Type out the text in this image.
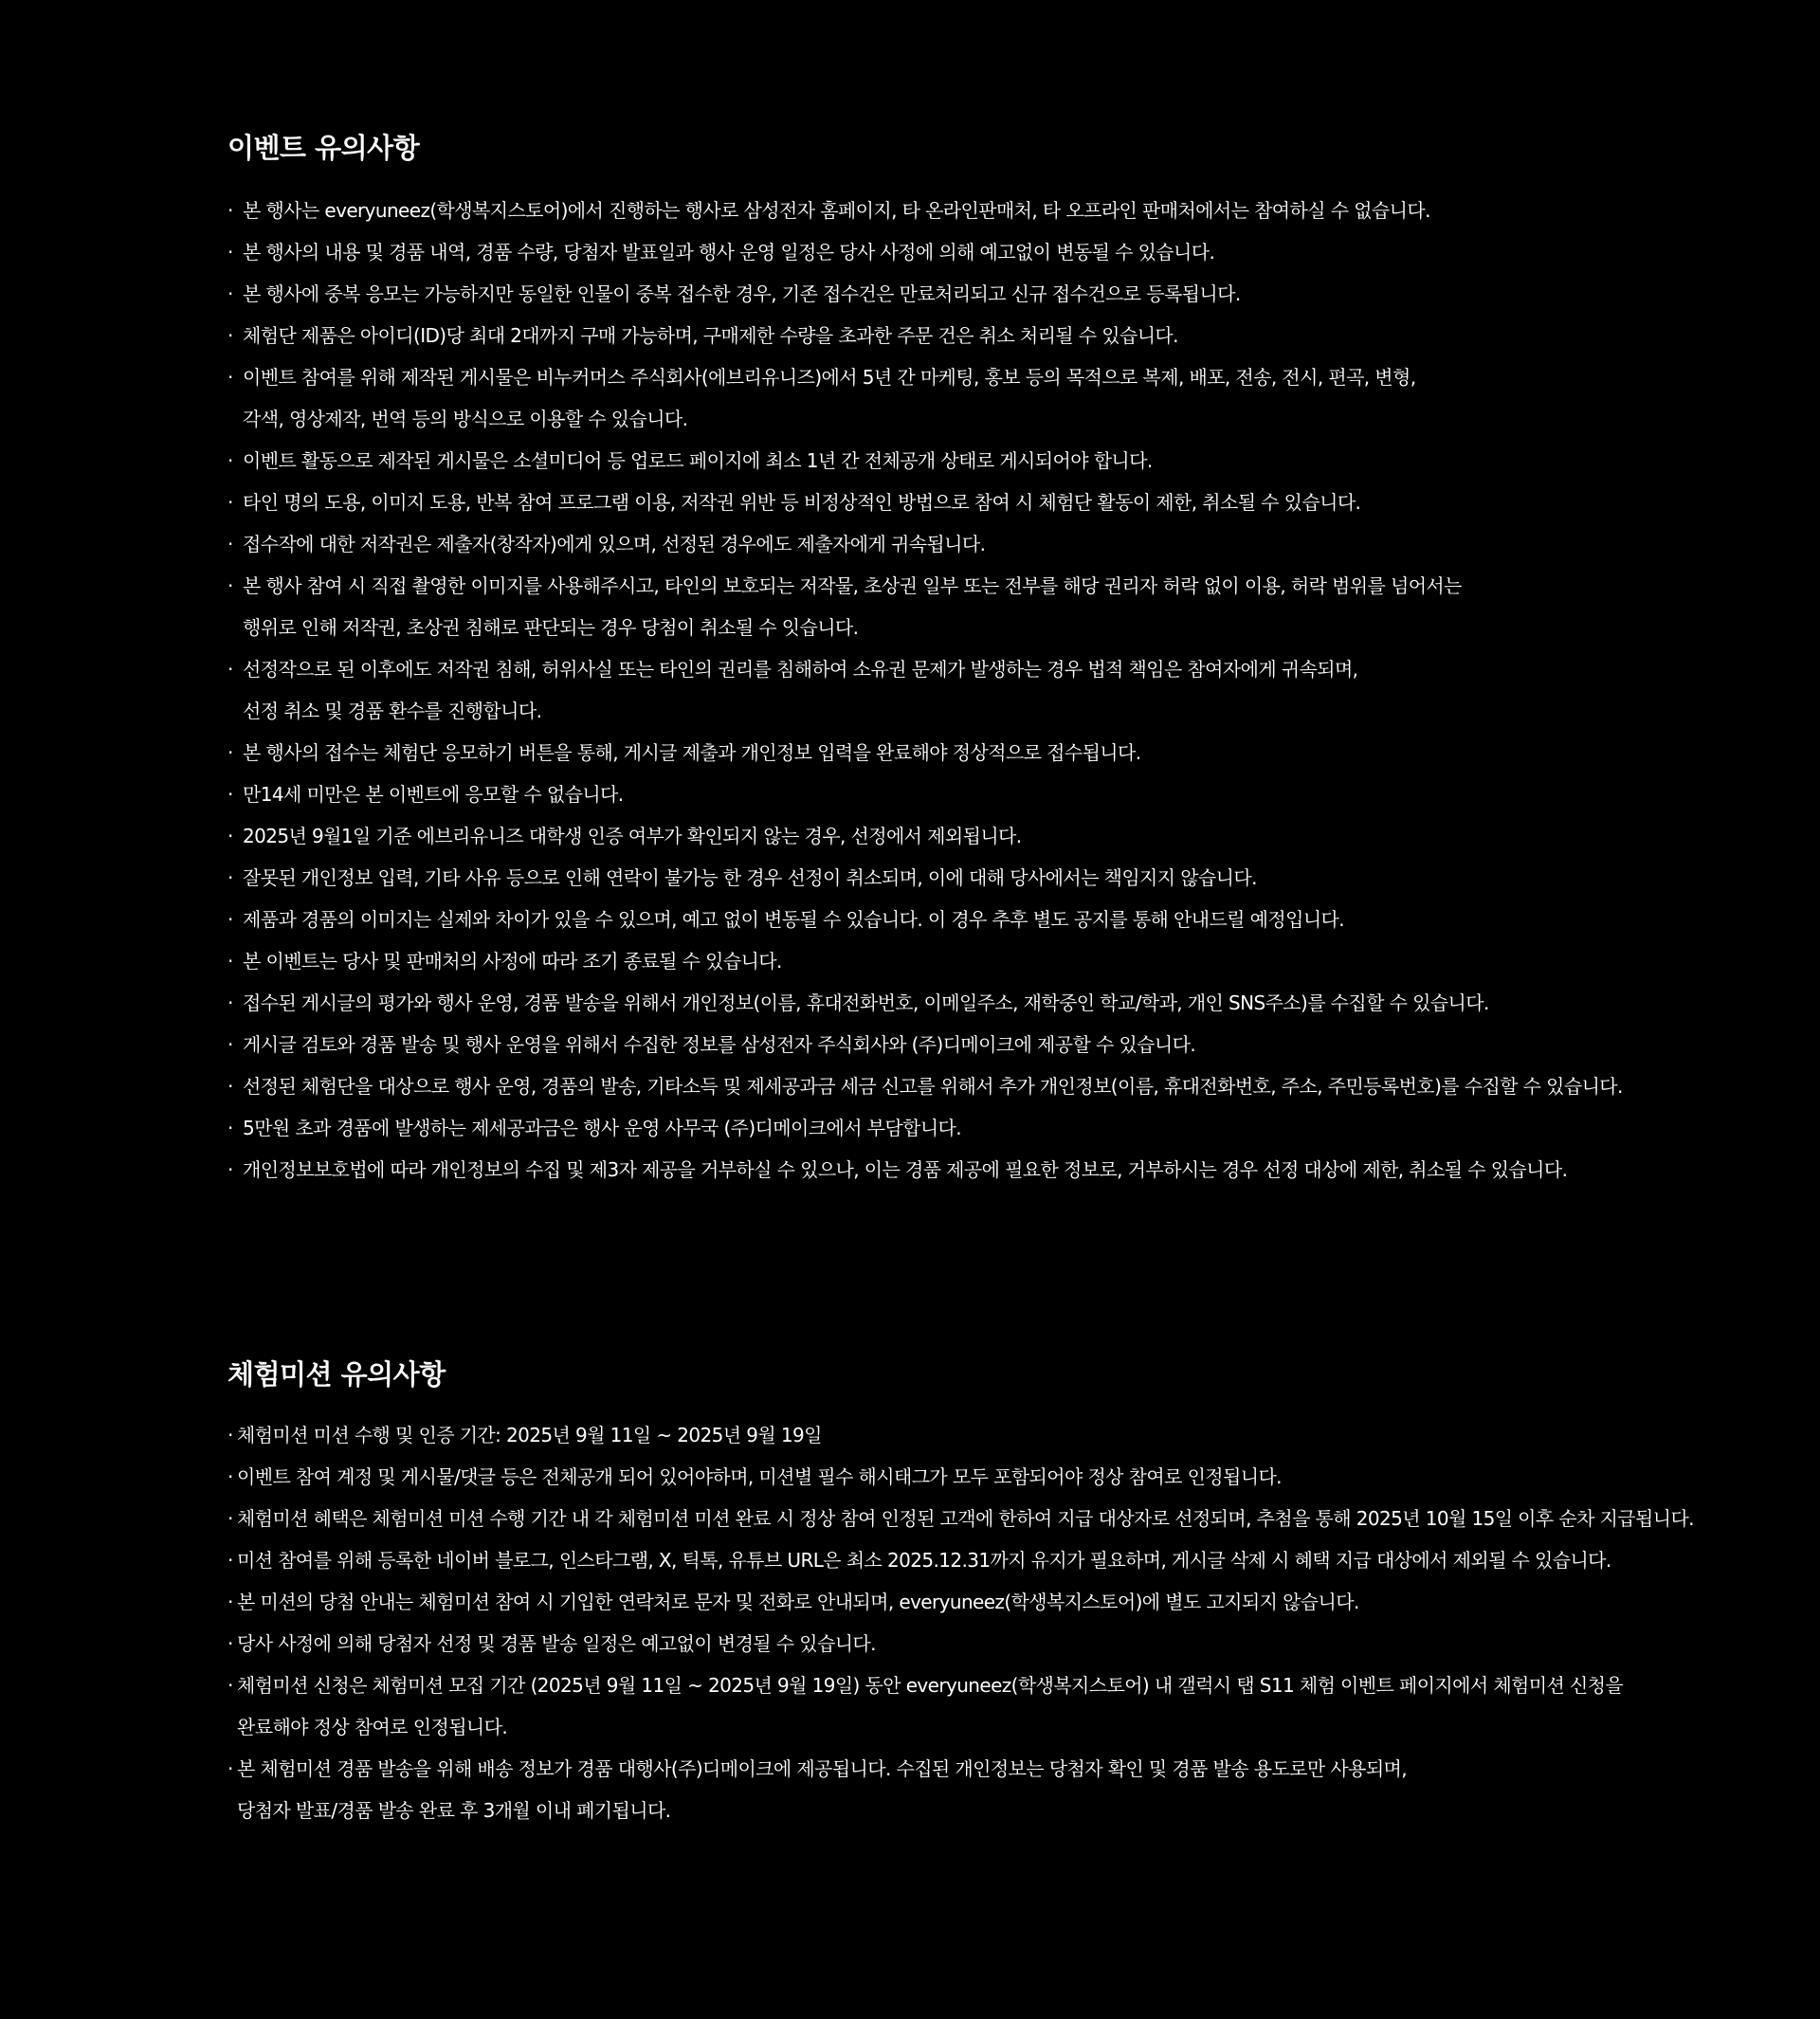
이벤트 유의사항
· 본 행사는 everyuneez(학생복지스토어)에서 진행하는 행사로 삼성전자 홈페이지, 타 온라인판매처, 타 오프라인 판매처에서는 참여하실 수 없습니다.
· 본 행사의 내용 및 경품 내역, 경품 수량, 당첨자 발표일과 행사 운영 일정은 당사 사정에 의해 예고없이 변동될 수 있습니다.
· 본 행사에 중복 응모는 가능하지만 동일한 인물이 중복 접수한 경우, 기존 접수건은 만료처리되고 신규 접수건으로 등록됩니다.
· 체험단 제품은 아이디(ID)당 최대 2대까지 구매 가능하며, 구매제한 수량을 초과한 주문 건은 취소 처리될 수 있습니다.
· 이벤트 참여를 위해 제작된 게시물은 비누커머스 주식회사(에브리유니즈)에서 5년 간 마케팅, 홍보 등의 목적으로 복제, 배포, 전송, 전시, 편곡, 변형,
각색, 영상제작, 번역 등의 방식으로 이용할 수 있습니다.
· 이벤트 활동으로 제작된 게시물은 소셜미디어 등 업로드 페이지에 최소 1년 간 전체공개 상태로 게시되어야 합니다.
· 타인 명의 도용, 이미지 도용, 반복 참여 프로그램 이용, 저작권 위반 등 비정상적인 방법으로 참여 시 체험단 활동이 제한, 취소될 수 있습니다.
· 접수작에 대한 저작권은 제출자(창작자)에게 있으며, 선정된 경우에도 제출자에게 귀속됩니다.
· 본 행사 참여 시 직접 촬영한 이미지를 사용해주시고, 타인의 보호되는 저작물, 초상권 일부 또는 전부를 해당 권리자 허락 없이 이용, 허락 범위를 넘어서는
행위로 인해 저작권, 초상권 침해로 판단되는 경우 당첨이 취소될 수 잇습니다.
· 선정작으로 된 이후에도 저작권 침해, 허위사실 또는 타인의 권리를 침해하여 소유권 문제가 발생하는 경우 법적 책임은 참여자에게 귀속되며,
선정 취소 및 경품 환수를 진행합니다.
· 본 행사의 접수는 체험단 응모하기 버튼을 통해, 게시글 제출과 개인정보 입력을 완료해야 정상적으로 접수됩니다.
· 만14세 미만은 본 이벤트에 응모할 수 없습니다.
· 2025년 9월1일 기준 에브리유니즈 대학생 인증 여부가 확인되지 않는 경우, 선정에서 제외됩니다.
· 잘못된 개인정보 입력, 기타 사유 등으로 인해 연락이 불가능 한 경우 선정이 취소되며, 이에 대해 당사에서는 책임지지 않습니다.
· 제품과 경품의 이미지는 실제와 차이가 있을 수 있으며, 예고 없이 변동될 수 있습니다. 이 경우 추후 별도 공지를 통해 안내드릴 예정입니다.
· 본 이벤트는 당사 및 판매처의 사정에 따라 조기 종료될 수 있습니다.
· 접수된 게시글의 평가와 행사 운영, 경품 발송을 위해서 개인정보(이름, 휴대전화번호, 이메일주소, 재학중인 학교/학과, 개인 SNS주소)를 수집할 수 있습니다.
· 게시글 검토와 경품 발송 및 행사 운영을 위해서 수집한 정보를 삼성전자 주식회사와 (주)디메이크에 제공할 수 있습니다.
· 선정된 체험단을 대상으로 행사 운영, 경품의 발송, 기타소득 및 제세공과금 세금 신고를 위해서 추가 개인정보(이름, 휴대전화번호, 주소, 주민등록번호)를 수집할 수 있습니다.
· 5만원 초과 경품에 발생하는 제세공과금은 행사 운영 사무국 (주)디메이크에서 부담합니다.
· 개인정보보호법에 따라 개인정보의 수집 및 제3자 제공을 거부하실 수 있으나, 이는 경품 제공에 필요한 정보로, 거부하시는 경우 선정 대상에 제한, 취소될 수 있습니다.
체험미션 유의사항
· 체험미션 미션 수행 및 인증 기간: 2025년 9월 11일 ~ 2025년 9월 19일
· 이벤트 참여 계정 및 게시물/댓글 등은 전체공개 되어 있어야하며, 미션별 필수 해시태그가 모두 포함되어야 정상 참여로 인정됩니다.
· 체험미션 혜택은 체험미션 미션 수행 기간 내 각 체험미션 미션 완료 시 정상 참여 인정된 고객에 한하여 지급 대상자로 선정되며, 추첨을 통해 2025년 10월 15일 이후 순차 지급됩니다.
· 미션 참여를 위해 등록한 네이버 블로그, 인스타그램, X, 틱톡, 유튜브 URL은 최소 2025.12.31까지 유지가 필요하며, 게시글 삭제 시 혜택 지급 대상에서 제외될 수 있습니다.
· 본 미션의 당첨 안내는 체험미션 참여 시 기입한 연락처로 문자 및 전화로 안내되며, everyuneez(학생복지스토어)에 별도 고지되지 않습니다.
· 당사 사정에 의해 당첨자 선정 및 경품 발송 일정은 예고없이 변경될 수 있습니다.
· 체험미션 신청은 체험미션 모집 기간 (2025년 9월 11일 ~ 2025년 9월 19일) 동안 everyuneez(학생복지스토어) 내 갤럭시 탭 S11 체험 이벤트 페이지에서 체험미션 신청을
완료해야 정상 참여로 인정됩니다.
· 본 체험미션 경품 발송을 위해 배송 정보가 경품 대행사(주)디메이크에 제공됩니다. 수집된 개인정보는 당첨자 확인 및 경품 발송 용도로만 사용되며,
당첨자 발표/경품 발송 완료 후 3개월 이내 폐기됩니다.
